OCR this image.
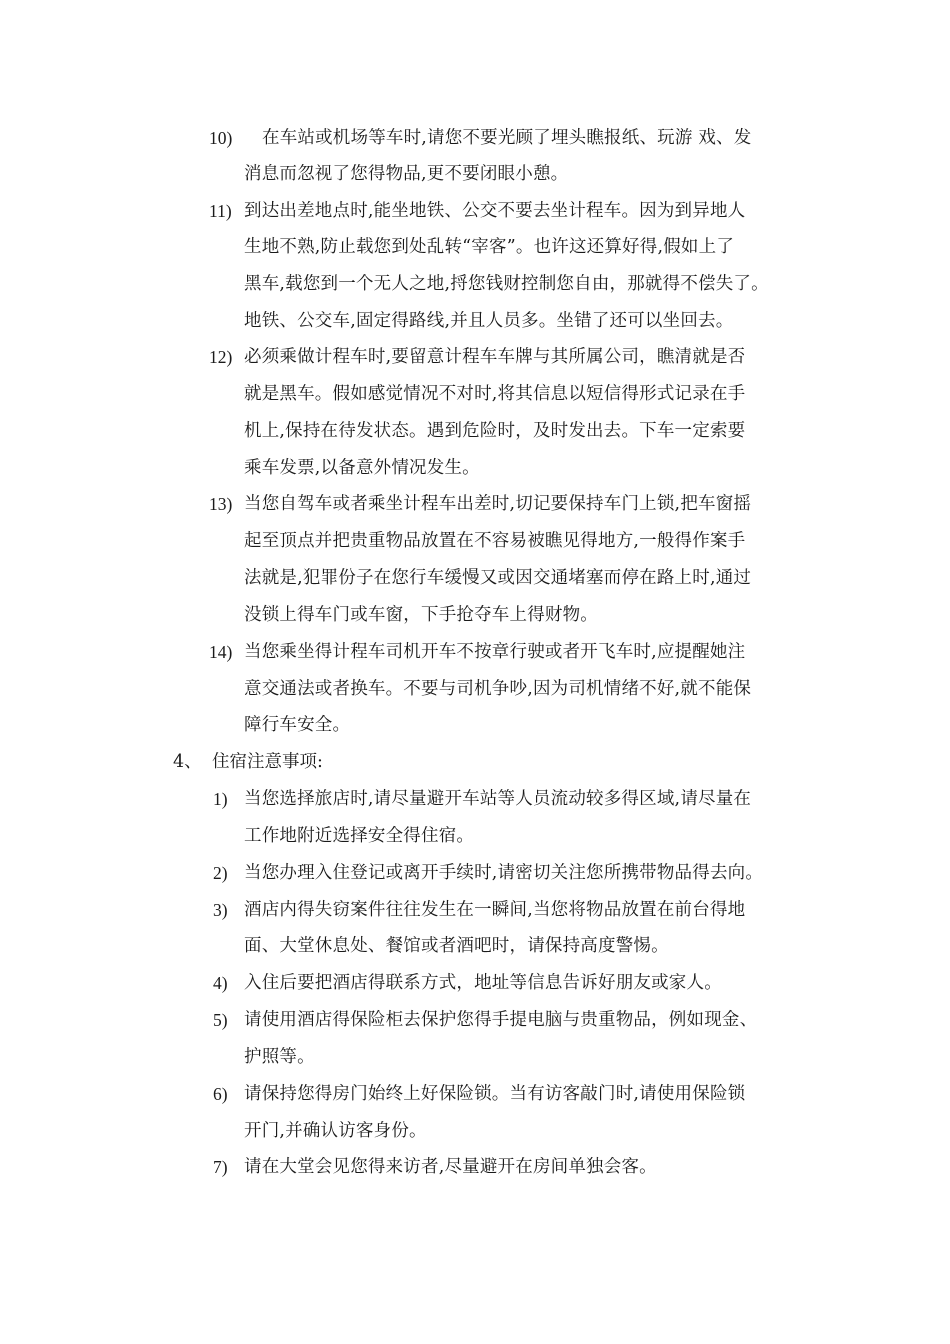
10) 在车站或机场等车时,请您不要光顾了埋头瞧报纸、玩游 戏、发
消息而忽视了您得物品,更不要闭眼小憩。
11) 到达出差地点时,能坐地铁、公交不要去坐计程车。因为到异地人
生地不熟,防止载您到处乱转“宰客”。也许这还算好得,假如上了
黑车,载您到一个无人之地,捋您钱财控制您自由，那就得不偿失了。
地铁、公交车,固定得路线,并且人员多。坐错了还可以坐回去。
12) 必须乘做计程车时,要留意计程车车牌与其所属公司，瞧清就是否
就是黑车。假如感觉情况不对时,将其信息以短信得形式记录在手
机上,保持在待发状态。遇到危险时，及时发出去。下车一定索要
乘车发票,以备意外情况发生。
13) 当您自驾车或者乘坐计程车出差时,切记要保持车门上锁,把车窗摇
起至顶点并把贵重物品放置在不容易被瞧见得地方,一般得作案手
法就是,犯罪份子在您行车缓慢又或因交通堵塞而停在路上时,通过
没锁上得车门或车窗，下手抢夺车上得财物。
14) 当您乘坐得计程车司机开车不按章行驶或者开飞车时,应提醒她注
意交通法或者换车。不要与司机争吵,因为司机情绪不好,就不能保
障行车安全。
4、 住宿注意事项:
1) 当您选择旅店时,请尽量避开车站等人员流动较多得区域,请尽量在
工作地附近选择安全得住宿。
2) 当您办理入住登记或离开手续时,请密切关注您所携带物品得去向。
3) 酒店内得失窃案件往往发生在一瞬间,当您将物品放置在前台得地
面、大堂休息处、餐馆或者酒吧时，请保持高度警惕。
4) 入住后要把酒店得联系方式，地址等信息告诉好朋友或家人。
5) 请使用酒店得保险柜去保护您得手提电脑与贵重物品，例如现金、
护照等。
6) 请保持您得房门始终上好保险锁。当有访客敲门时,请使用保险锁
开门,并确认访客身份。
7) 请在大堂会见您得来访者,尽量避开在房间单独会客。
